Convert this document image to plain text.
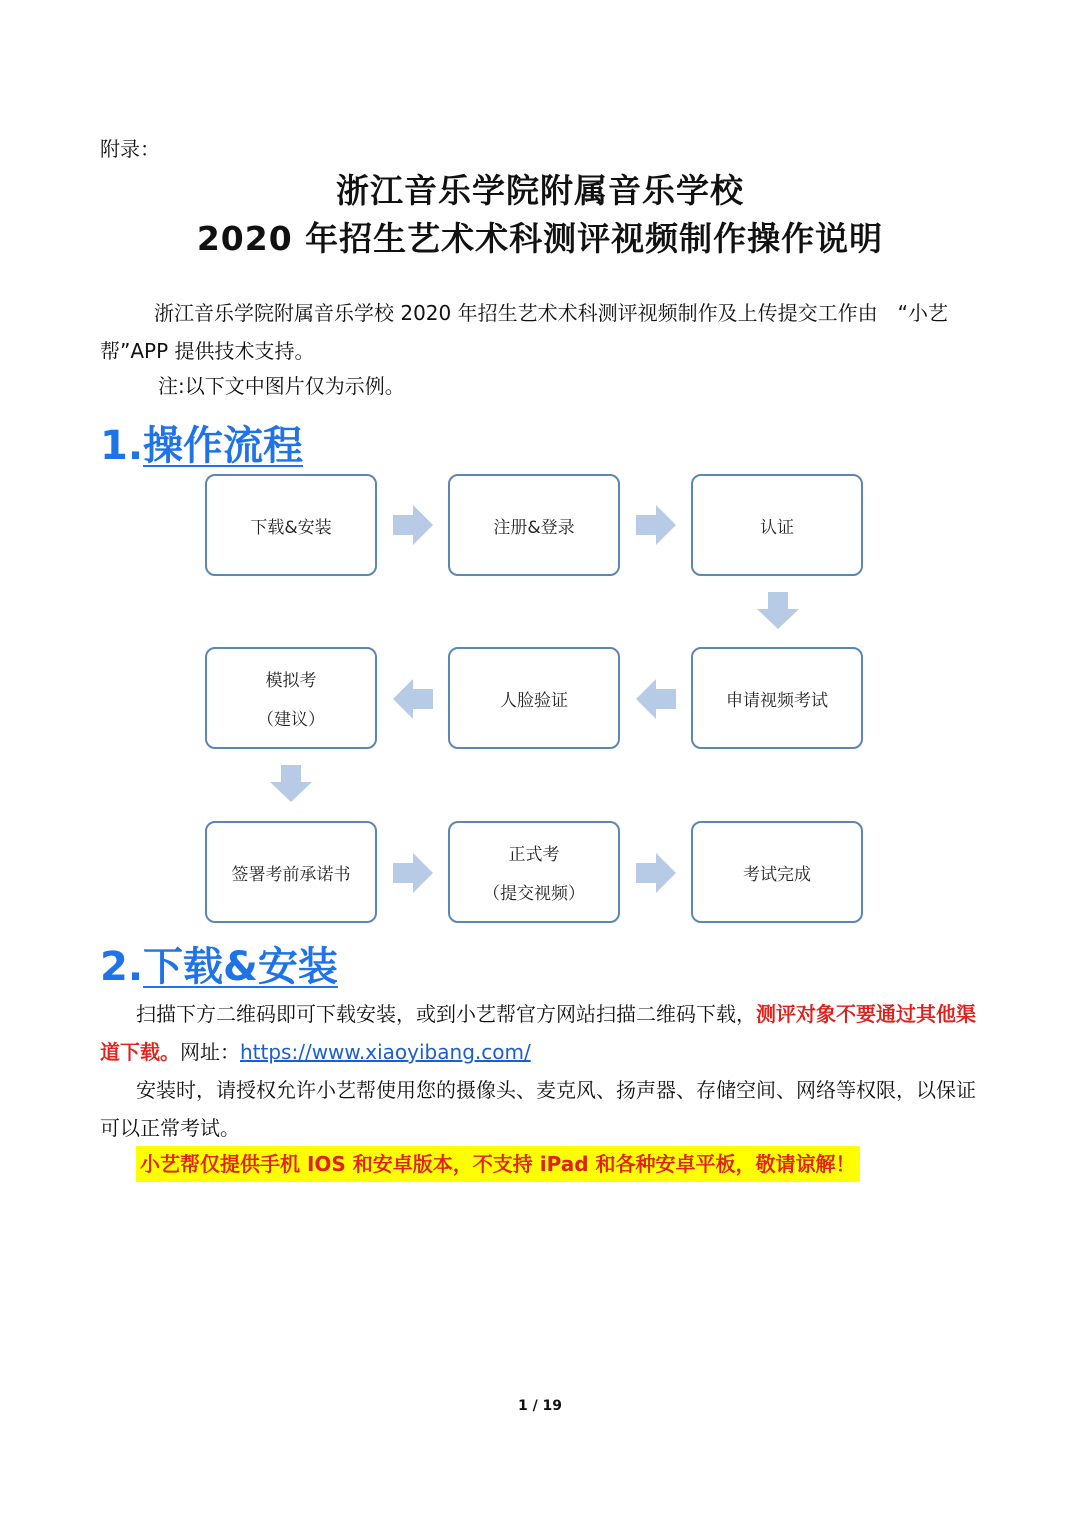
附录：
浙江音乐学院附属音乐学校
2020 年招生艺术术科测评视频制作操作说明
浙江音乐学院附属音乐学校 2020 年招生艺术术科测评视频制作及上传提交工作由 “小艺帮”APP 提供技术支持。
注:以下文中图片仅为示例。
1.操作流程
下载&安装	注册&登录	认证
模拟考
（建议）
人脸验证	申请视频考试
签署考前承诺书
正式考
（提交视频）
考试完成
2.下载&安装
扫描下方二维码即可下载安装，或到小艺帮官方网站扫描二维码下载，测评对象不要通过其他渠道下载。网址：https://www.xiaoyibang.com/
安装时，请授权允许小艺帮使用您的摄像头、麦克风、扬声器、存储空间、网络等权限，以保证可以正常考试。
小艺帮仅提供手机 IOS 和安卓版本，不支持 iPad 和各种安卓平板，敬请谅解！
1 / 19
